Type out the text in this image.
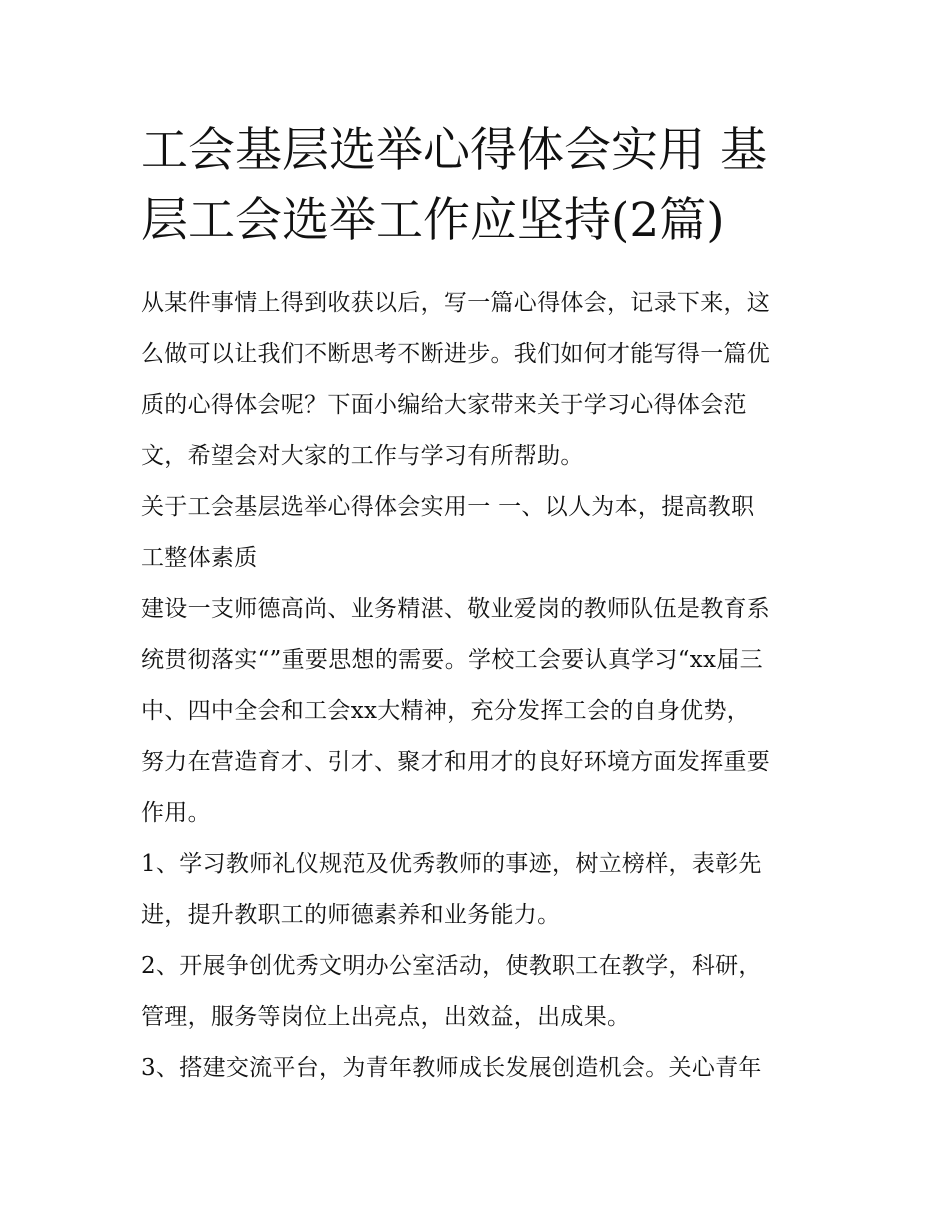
工会基层选举心得体会实用 基
层工会选举工作应坚持(2篇)

从某件事情上得到收获以后，写一篇心得体会，记录下来，这
么做可以让我们不断思考不断进步。我们如何才能写得一篇优
质的心得体会呢？下面小编给大家带来关于学习心得体会范
文，希望会对大家的工作与学习有所帮助。

关于工会基层选举心得体会实用一 一、以人为本，提高教职
工整体素质

建设一支师德高尚、业务精湛、敬业爱岗的教师队伍是教育系
统贯彻落实“”重要思想的需要。学校工会要认真学习“xx届三
中、四中全会和工会xx大精神，充分发挥工会的自身优势，
努力在营造育才、引才、聚才和用才的良好环境方面发挥重要
作用。

1、学习教师礼仪规范及优秀教师的事迹，树立榜样，表彰先
进，提升教职工的师德素养和业务能力。

2、开展争创优秀文明办公室活动，使教职工在教学，科研，
管理，服务等岗位上出亮点，出效益，出成果。

3、搭建交流平台，为青年教师成长发展创造机会。关心青年
